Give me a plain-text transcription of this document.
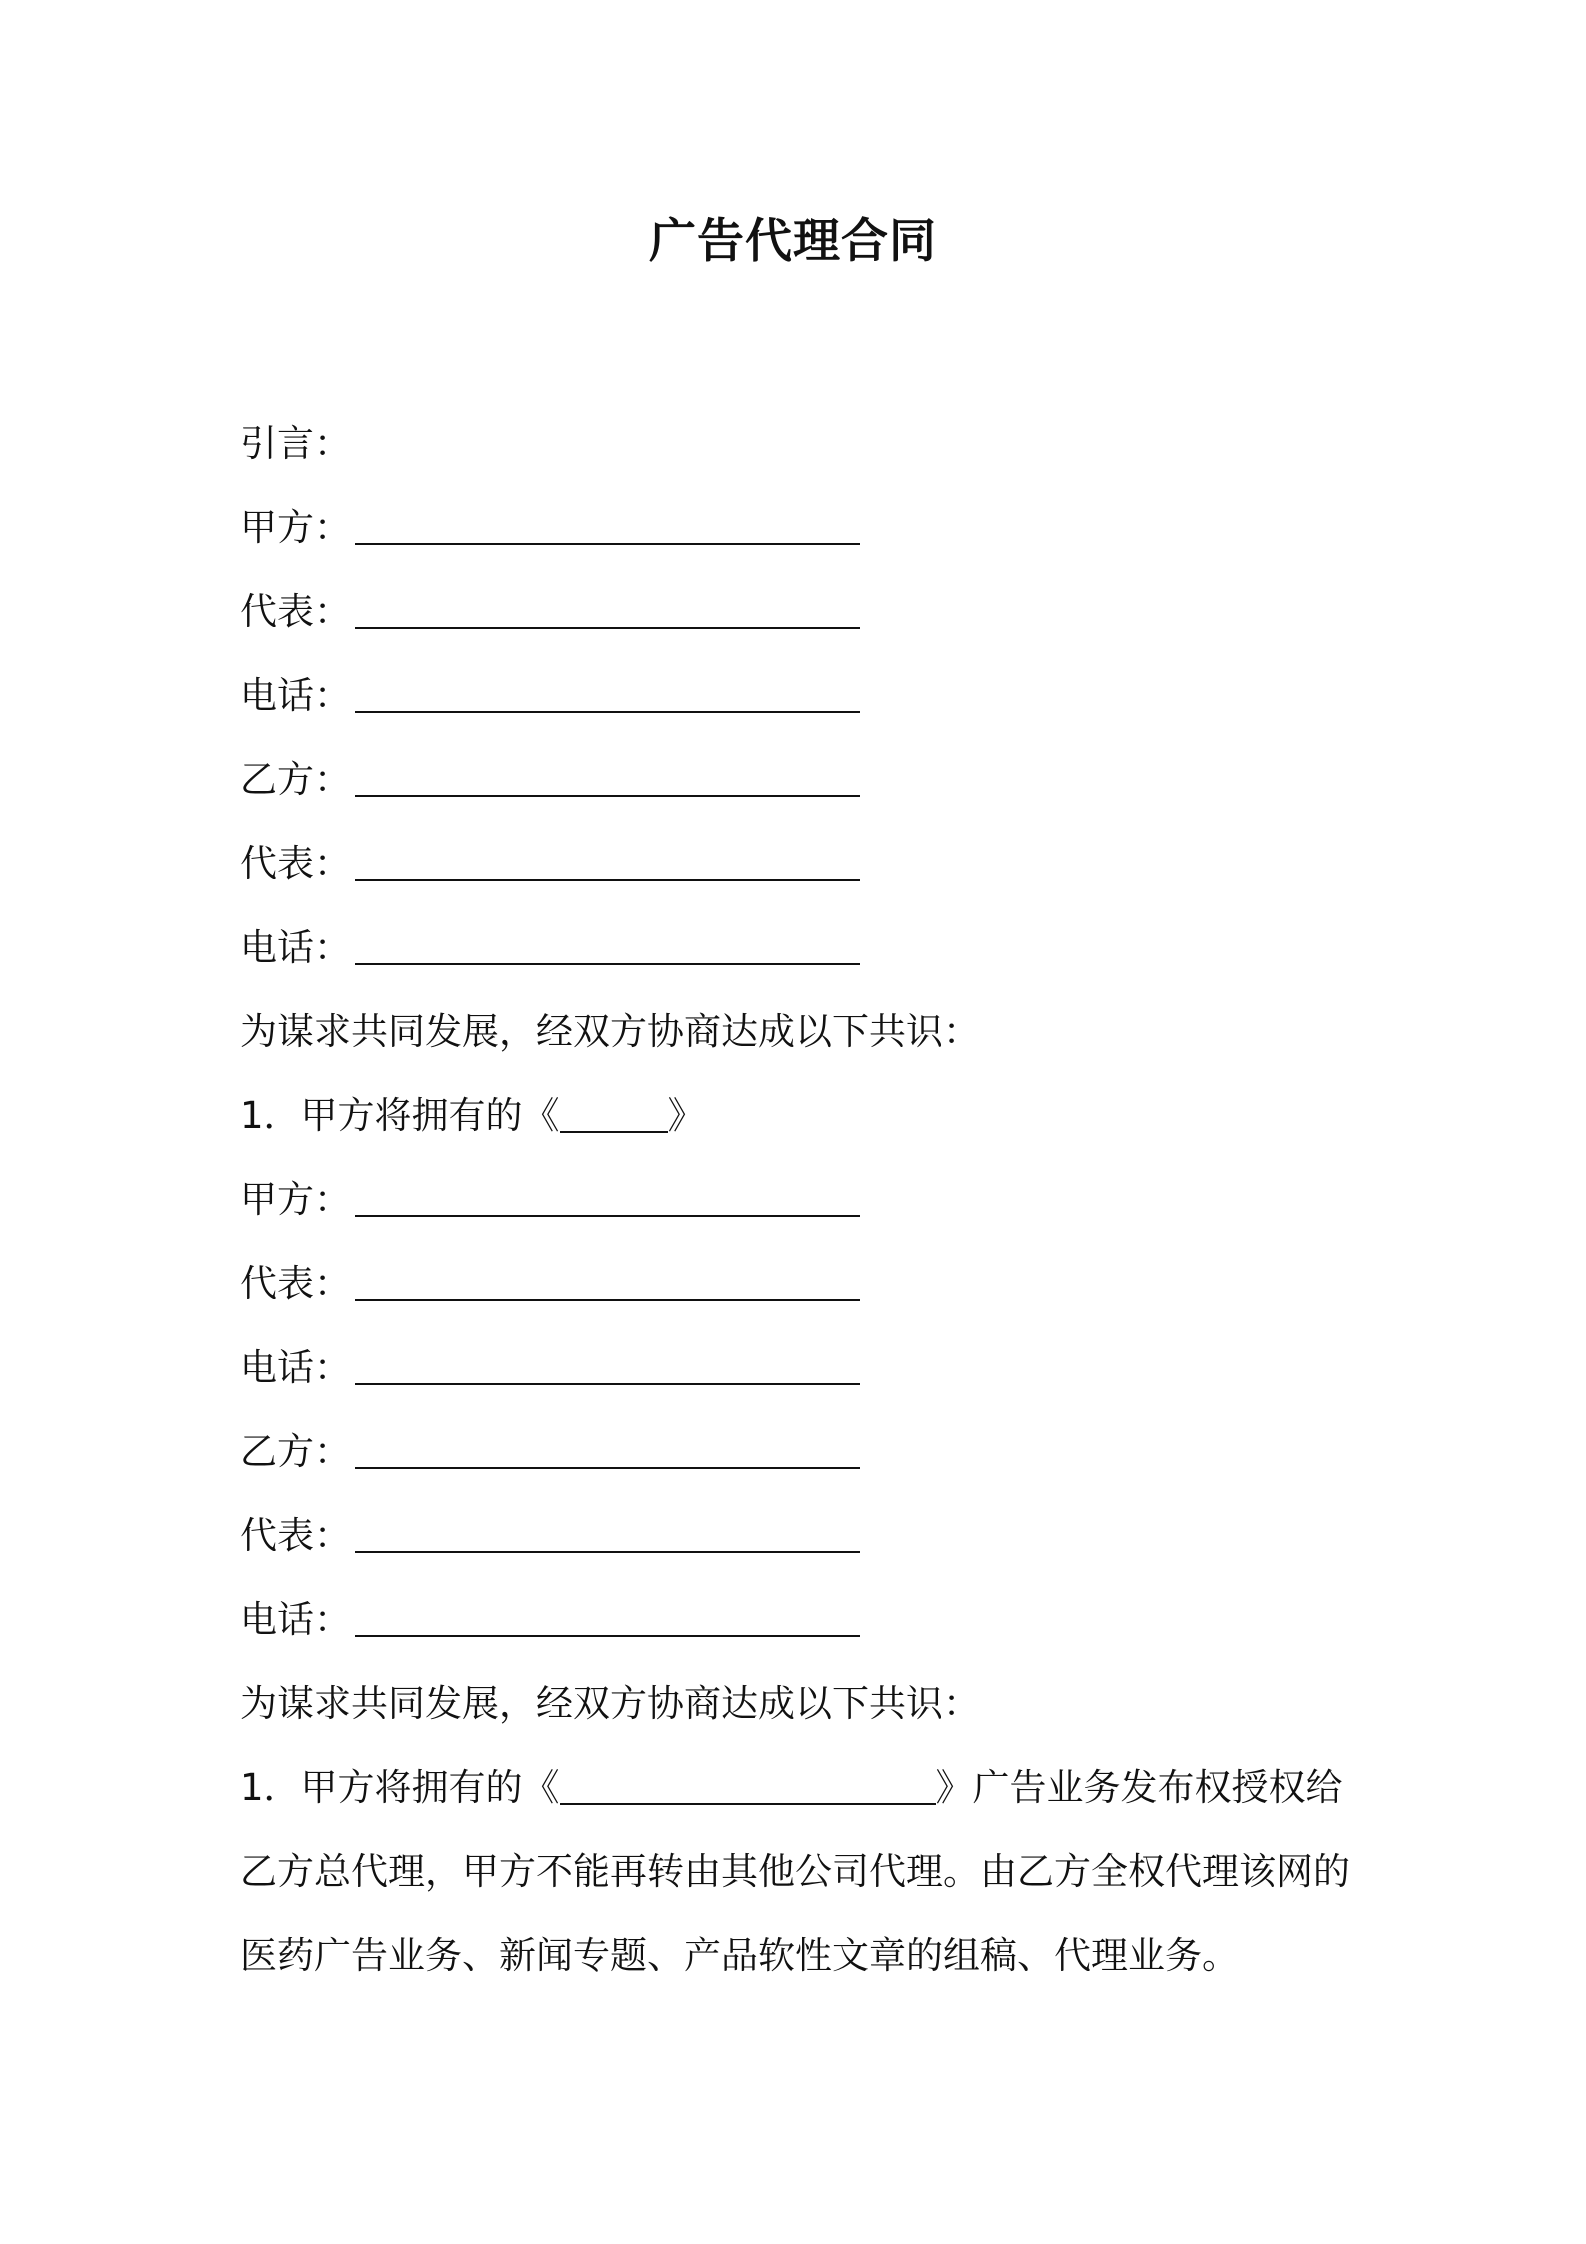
广告代理合同
引言：
甲方：
代表：
电话：
乙方：
代表：
电话：
为谋求共同发展，经双方协商达成以下共识：
1．甲方将拥有的《	》
甲方：
代表：
电话：
乙方：
代表：
电话：
为谋求共同发展，经双方协商达成以下共识：
1．甲方将拥有的《	》广告业务发布权授权给
乙方总代理，甲方不能再转由其他公司代理。由乙方全权代理该网的
医药广告业务、新闻专题、产品软性文章的组稿、代理业务。
